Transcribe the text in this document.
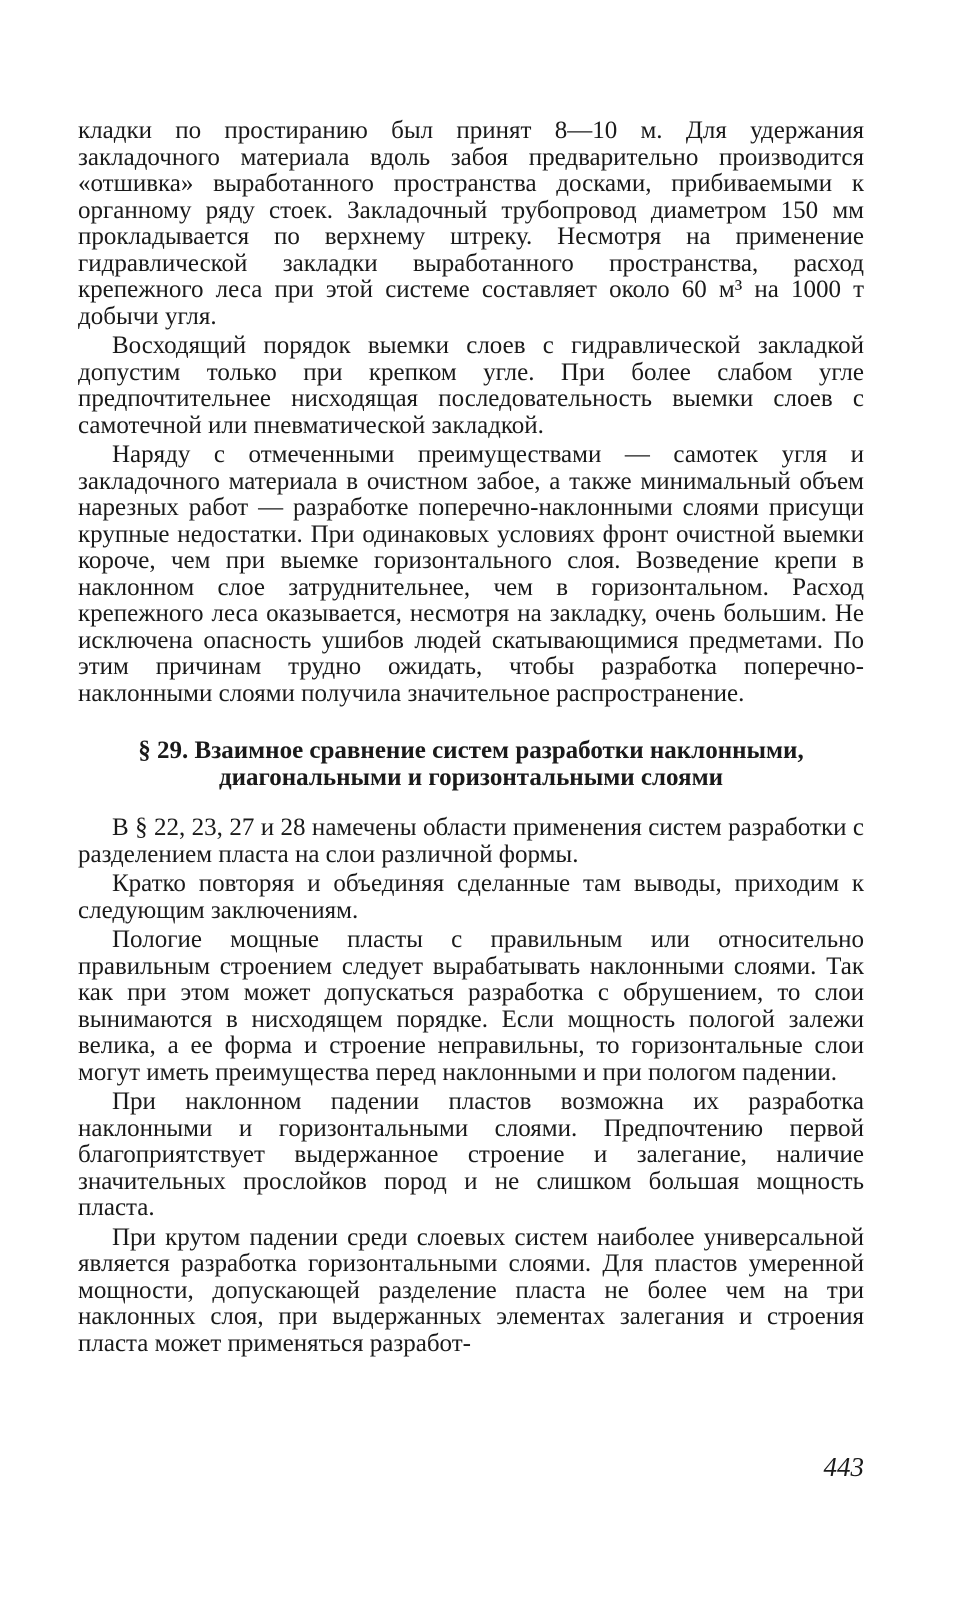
кладки по простиранию был принят 8—10 м. Для удержания закладочного материала вдоль забоя предварительно производится «отшивка» выработанного пространства досками, прибиваемыми к органному ряду стоек. Закладочный трубопровод диаметром 150 мм прокладывается по верхнему штреку. Несмотря на применение гидравлической закладки выработанного пространства, расход крепежного леса при этой системе составляет около 60 м³ на 1000 т добычи угля.

Восходящий порядок выемки слоев с гидравлической закладкой допустим только при крепком угле. При более слабом угле предпочтительнее нисходящая последовательность выемки слоев с самотечной или пневматической закладкой.

Наряду с отмеченными преимуществами — самотек угля и закладочного материала в очистном забое, а также минимальный объем нарезных работ — разработке поперечно-наклонными слоями присущи крупные недостатки. При одинаковых условиях фронт очистной выемки короче, чем при выемке горизонтального слоя. Возведение крепи в наклонном слое затруднительнее, чем в горизонтальном. Расход крепежного леса оказывается, несмотря на закладку, очень большим. Не исключена опасность ушибов людей скатывающимися предметами. По этим причинам трудно ожидать, чтобы разработка поперечно-наклонными слоями получила значительное распространение.

§ 29. Взаимное сравнение систем разработки наклонными,
диагональными и горизонтальными слоями

В § 22, 23, 27 и 28 намечены области применения систем разработки с разделением пласта на слои различной формы.

Кратко повторяя и объединяя сделанные там выводы, приходим к следующим заключениям.

Пологие мощные пласты с правильным или относительно правильным строением следует вырабатывать наклонными слоями. Так как при этом может допускаться разработка с обрушением, то слои вынимаются в нисходящем порядке. Если мощность пологой залежи велика, а ее форма и строение неправильны, то горизонтальные слои могут иметь преимущества перед наклонными и при пологом падении.

При наклонном падении пластов возможна их разработка наклонными и горизонтальными слоями. Предпочтению первой благоприятствует выдержанное строение и залегание, наличие значительных прослойков пород и не слишком большая мощность пласта.

При крутом падении среди слоевых систем наиболее универсальной является разработка горизонтальными слоями. Для пластов умеренной мощности, допускающей разделение пласта не более чем на три наклонных слоя, при выдержанных элементах залегания и строения пласта может применяться разработ-

443
